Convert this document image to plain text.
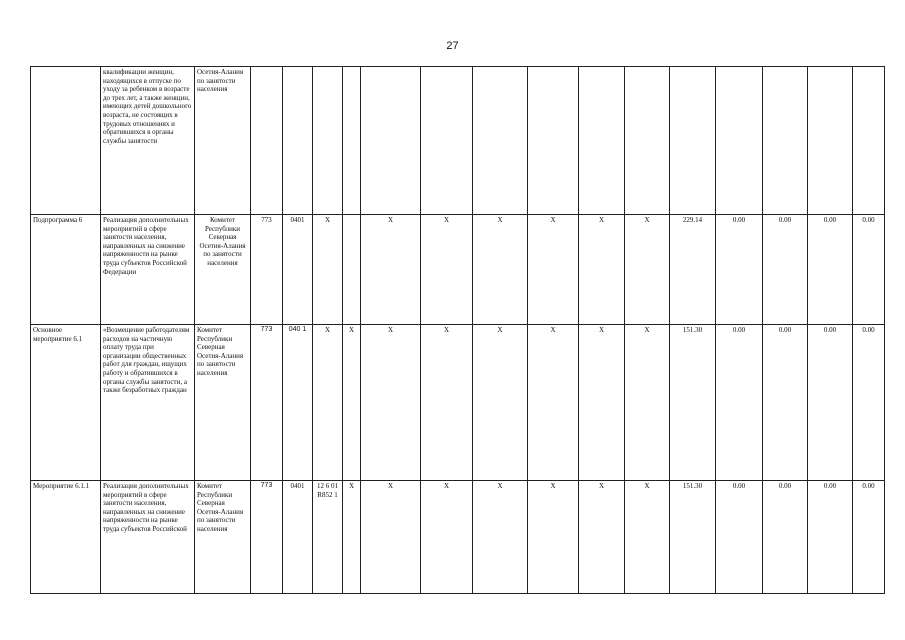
27
	квалификации женщин, находящихся в отпуске по уходу за ребенком в возрасте до трех лет, а также женщин, имеющих детей дошкольного возраста, не состоящих в трудовых отношениях и обратившихся в органы службы занятости	Осетия-Алания по занятости населения															
Подпрограмма 6	Реализация дополнительных мероприятий в сфере занятости населения, направленных на снижение напряженности на рынке труда субъектов Российской Федерации	Комитет Республики Северная Осетия-Алания по занятости населения	773	0401	X		X	X	X	X	X	X	229.14	0.00	0.00	0.00	0.00
Основное мероприятие 6.1	«Возмещение работодателям расходов на частичную оплату труда при организации общественных работ для граждан, ищущих работу и обратившихся в органы службы занятости, а также безработных граждан	Комитет Республики Северная Осетия-Алания по занятости населения	773	040 1	X	X	X	X	X	X	X	X	151.30	0.00	0.00	0.00	0.00
Мероприятие 6.1.1	Реализация дополнительных мероприятий в сфере занятости населения, направленных на снижение напряженности на рынке труда субъектов Российской	Комитет Республики Северная Осетия-Алания по занятости населения	773	0401	12 6 01 R852 1	X	X	X	X	X	X	X	151.30	0.00	0.00	0.00	0.00
